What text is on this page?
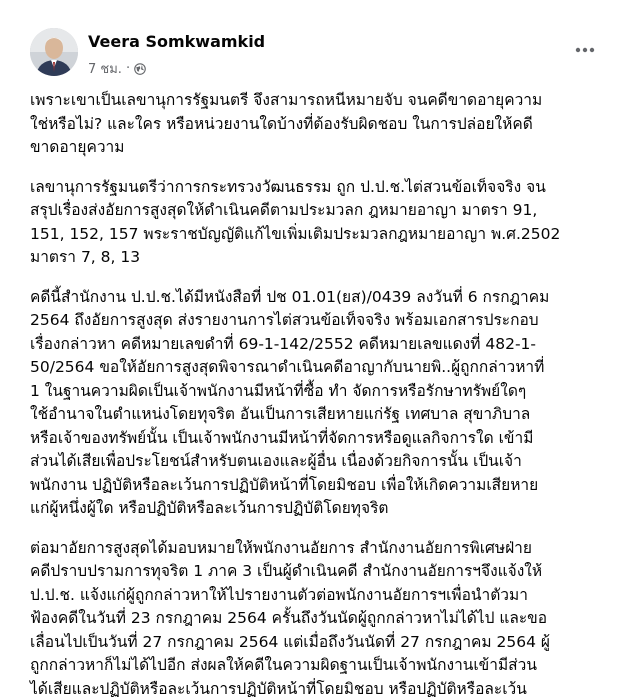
Veera Somkwamkid
7 ชม. ·

เพราะเขาเป็นเลขานุการรัฐมนตรี จึงสามารถหนีหมายจับ จนคดีขาดอายุความ
ใช่หรือไม่? และใคร หรือหน่วยงานใดบ้างที่ต้องรับผิดชอบ ในการปล่อยให้คดี
ขาดอายุความ

เลขานุการรัฐมนตรีว่าการกระทรวงวัฒนธรรม ถูก ป.ป.ช.ไต่สวนข้อเท็จจริง จน
สรุปเรื่องส่งอัยการสูงสุดให้ดำเนินคดีตามประมวลก ฎหมายอาญา มาตรา 91,
151, 152, 157 พระราชบัญญัติแก้ไขเพิ่มเติมประมวลกฎหมายอาญา พ.ศ.2502
มาตรา 7, 8, 13

คดีนี้สำนักงาน ป.ป.ช.ได้มีหนังสือที่ ปช 01.01(ยส)/0439 ลงวันที่ 6 กรกฎาคม
2564 ถึงอัยการสูงสุด ส่งรายงานการไต่สวนข้อเท็จจริง พร้อมเอกสารประกอบ
เรื่องกล่าวหา คดีหมายเลขดำที่ 69-1-142/2552 คดีหมายเลขแดงที่ 482-1-
50/2564 ขอให้อัยการสูงสุดพิจารณาดำเนินคดีอาญากับนายพิ..ผู้ถูกกล่าวหาที่
1 ในฐานความผิดเป็นเจ้าพนักงานมีหน้าที่ซื้อ ทำ จัดการหรือรักษาทรัพย์ใดๆ
ใช้อำนาจในตำแหน่งโดยทุจริต อันเป็นการเสียหายแก่รัฐ เทศบาล สุขาภิบาล
หรือเจ้าของทรัพย์นั้น เป็นเจ้าพนักงานมีหน้าที่จัดการหรือดูแลกิจการใด เข้ามี
ส่วนได้เสียเพื่อประโยชน์สำหรับตนเองและผู้อื่น เนื่องด้วยกิจการนั้น เป็นเจ้า
พนักงาน ปฏิบัติหรือละเว้นการปฏิบัติหน้าที่โดยมิชอบ เพื่อให้เกิดความเสียหาย
แก่ผู้หนึ่งผู้ใด หรือปฏิบัติหรือละเว้นการปฏิบัติโดยทุจริต

ต่อมาอัยการสูงสุดได้มอบหมายให้พนักงานอัยการ สำนักงานอัยการพิเศษฝ่าย
คดีปราบปรามการทุจริต 1 ภาค 3 เป็นผู้ดำเนินคดี สำนักงานอัยการฯจึงแจ้งให้
ป.ป.ช. แจ้งแก่ผู้ถูกกล่าวหาให้ไปรายงานตัวต่อพนักงานอัยการฯเพื่อนำตัวมา
ฟ้องคดีในวันที่ 23 กรกฎาคม 2564 ครั้นถึงวันนัดผู้ถูกกล่าวหาไม่ได้ไป และขอ
เลื่อนไปเป็นวันที่ 27 กรกฎาคม 2564 แต่เมื่อถึงวันนัดที่ 27 กรกฎาคม 2564 ผู้
ถูกกล่าวหาก็ไม่ได้ไปอีก ส่งผลให้คดีในความผิดฐานเป็นเจ้าพนักงานเข้ามีส่วน
ได้เสียและปฏิบัติหรือละเว้นการปฏิบัติหน้าที่โดยมิชอบ หรือปฏิบัติหรือละเว้น
